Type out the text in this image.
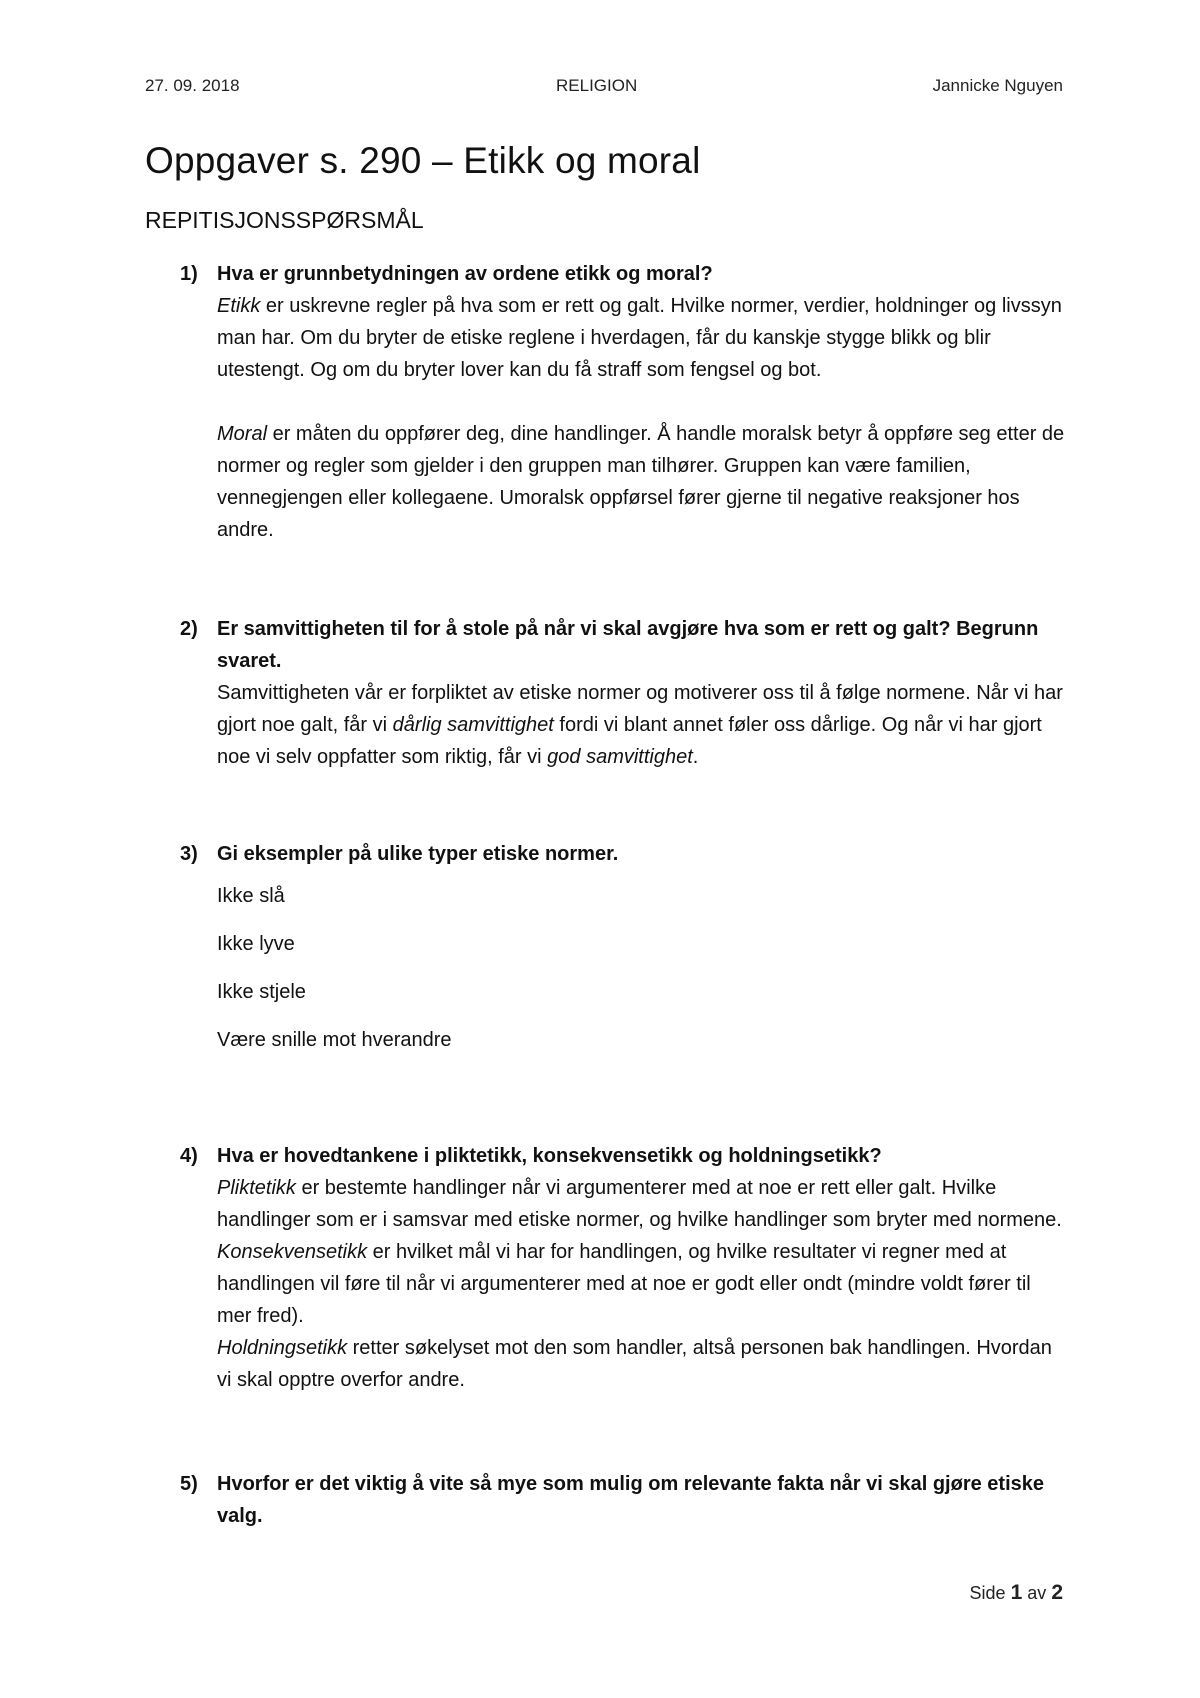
27. 09. 2018	RELIGION	Jannicke Nguyen
Oppgaver s. 290 – Etikk og moral
REPITISJONSSPØRSMÅL
1) Hva er grunnbetydningen av ordene etikk og moral?

Etikk er uskrevne regler på hva som er rett og galt. Hvilke normer, verdier, holdninger og livssyn man har. Om du bryter de etiske reglene i hverdagen, får du kanskje stygge blikk og blir utestengt. Og om du bryter lover kan du få straff som fengsel og bot.

Moral er måten du oppfører deg, dine handlinger. Å handle moralsk betyr å oppføre seg etter de normer og regler som gjelder i den gruppen man tilhører. Gruppen kan være familien, vennegjengen eller kollegaene. Umoralsk oppførsel fører gjerne til negative reaksjoner hos andre.

2) Er samvittigheten til for å stole på når vi skal avgjøre hva som er rett og galt? Begrunn svaret.

Samvittigheten vår er forpliktet av etiske normer og motiverer oss til å følge normene. Når vi har gjort noe galt, får vi dårlig samvittighet fordi vi blant annet føler oss dårlige. Og når vi har gjort noe vi selv oppfatter som riktig, får vi god samvittighet.

3) Gi eksempler på ulike typer etiske normer.

Ikke slå
Ikke lyve
Ikke stjele
Være snille mot hverandre
4) Hva er hovedtankene i pliktetikk, konsekvensetikk og holdningsetikk?

Pliktetikk er bestemte handlinger når vi argumenterer med at noe er rett eller galt. Hvilke handlinger som er i samsvar med etiske normer, og hvilke handlinger som bryter med normene.

Konsekvensetikk er hvilket mål vi har for handlingen, og hvilke resultater vi regner med at handlingen vil føre til når vi argumenterer med at noe er godt eller ondt (mindre voldt fører til mer fred).

Holdningsetikk retter søkelyset mot den som handler, altså personen bak handlingen. Hvordan vi skal opptre overfor andre.

5) Hvorfor er det viktig å vite så mye som mulig om relevante fakta når vi skal gjøre etiske valg.

Side 1 av 2
